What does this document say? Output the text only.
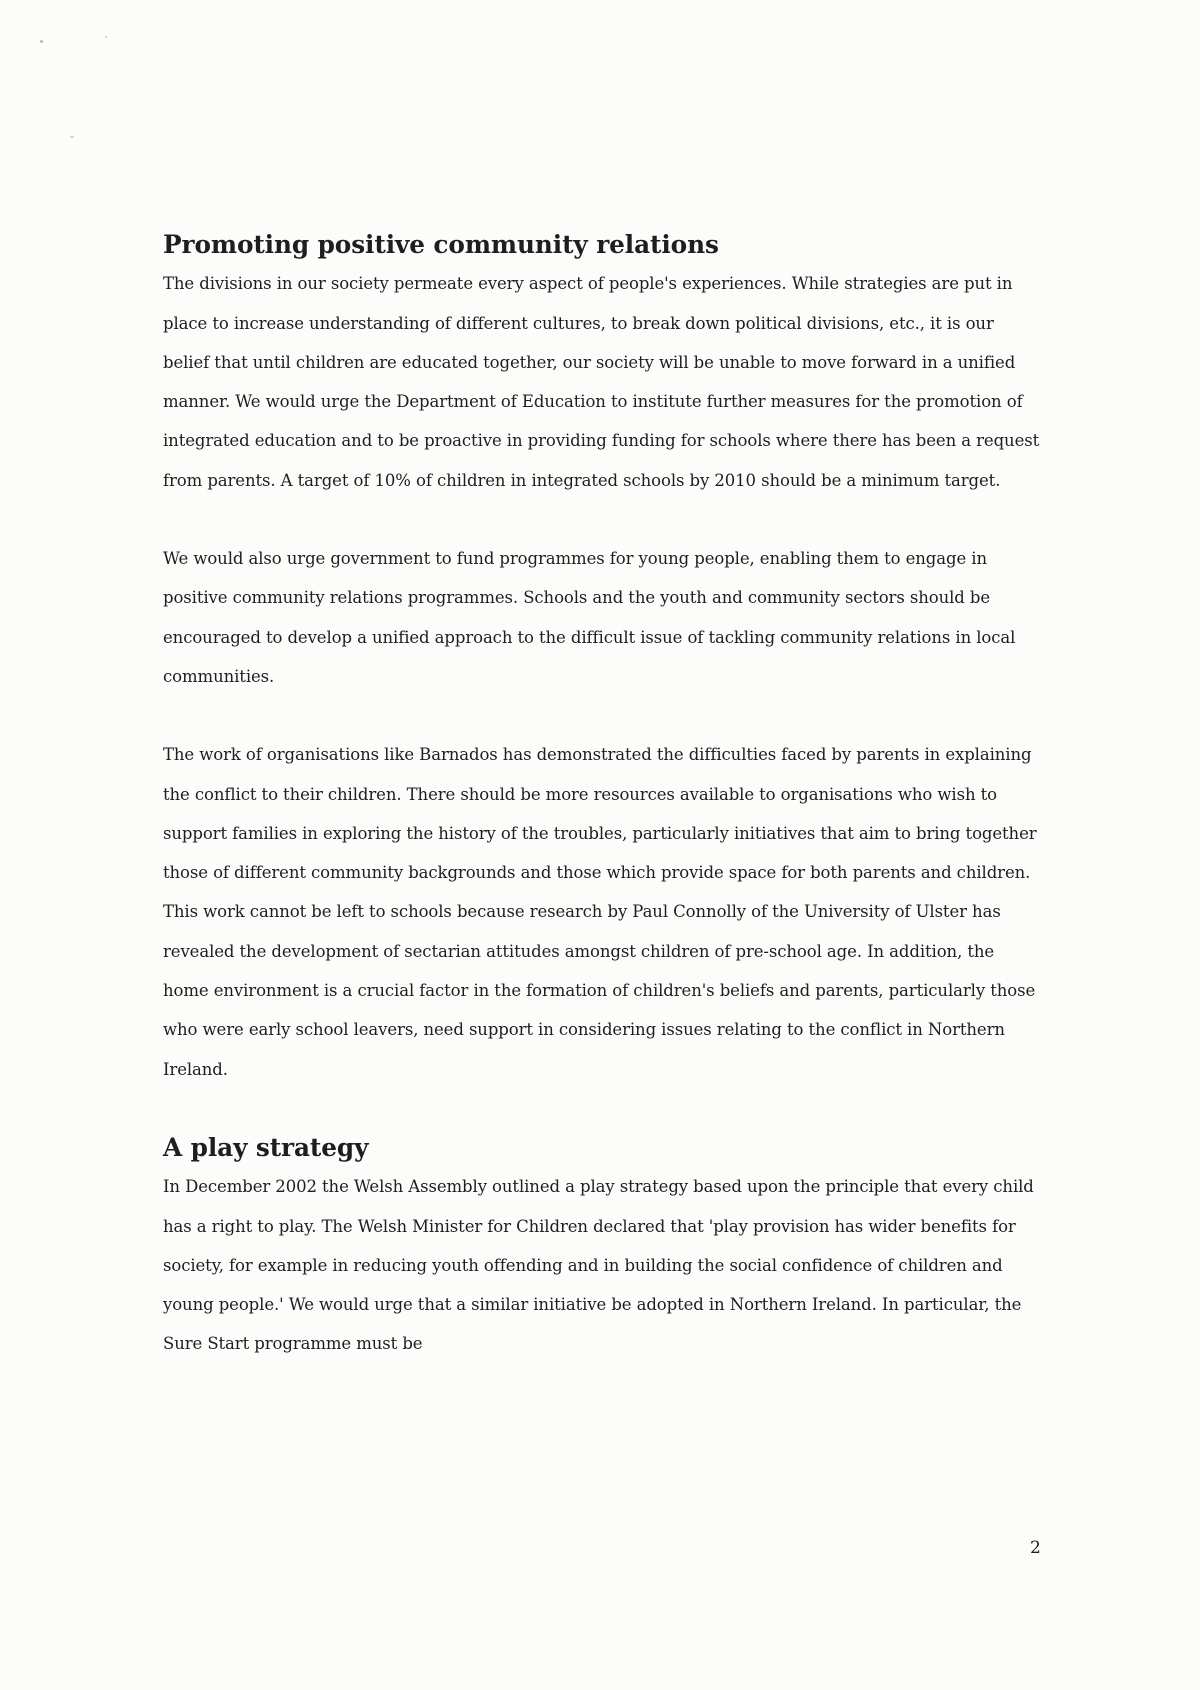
Promoting positive community relations

The divisions in our society permeate every aspect of people's experiences. While strategies are put in place to increase understanding of different cultures, to break down political divisions, etc., it is our belief that until children are educated together, our society will be unable to move forward in a unified manner. We would urge the Department of Education to institute further measures for the promotion of integrated education and to be proactive in providing funding for schools where there has been a request from parents. A target of 10% of children in integrated schools by 2010 should be a minimum target.

We would also urge government to fund programmes for young people, enabling them to engage in positive community relations programmes. Schools and the youth and community sectors should be encouraged to develop a unified approach to the difficult issue of tackling community relations in local communities.

The work of organisations like Barnados has demonstrated the difficulties faced by parents in explaining the conflict to their children. There should be more resources available to organisations who wish to support families in exploring the history of the troubles, particularly initiatives that aim to bring together those of different community backgrounds and those which provide space for both parents and children. This work cannot be left to schools because research by Paul Connolly of the University of Ulster has revealed the development of sectarian attitudes amongst children of pre-school age. In addition, the home environment is a crucial factor in the formation of children's beliefs and parents, particularly those who were early school leavers, need support in considering issues relating to the conflict in Northern Ireland.

A play strategy

In December 2002 the Welsh Assembly outlined a play strategy based upon the principle that every child has a right to play. The Welsh Minister for Children declared that 'play provision has wider benefits for society, for example in reducing youth offending and in building the social confidence of children and young people.' We would urge that a similar initiative be adopted in Northern Ireland. In particular, the Sure Start programme must be

2
